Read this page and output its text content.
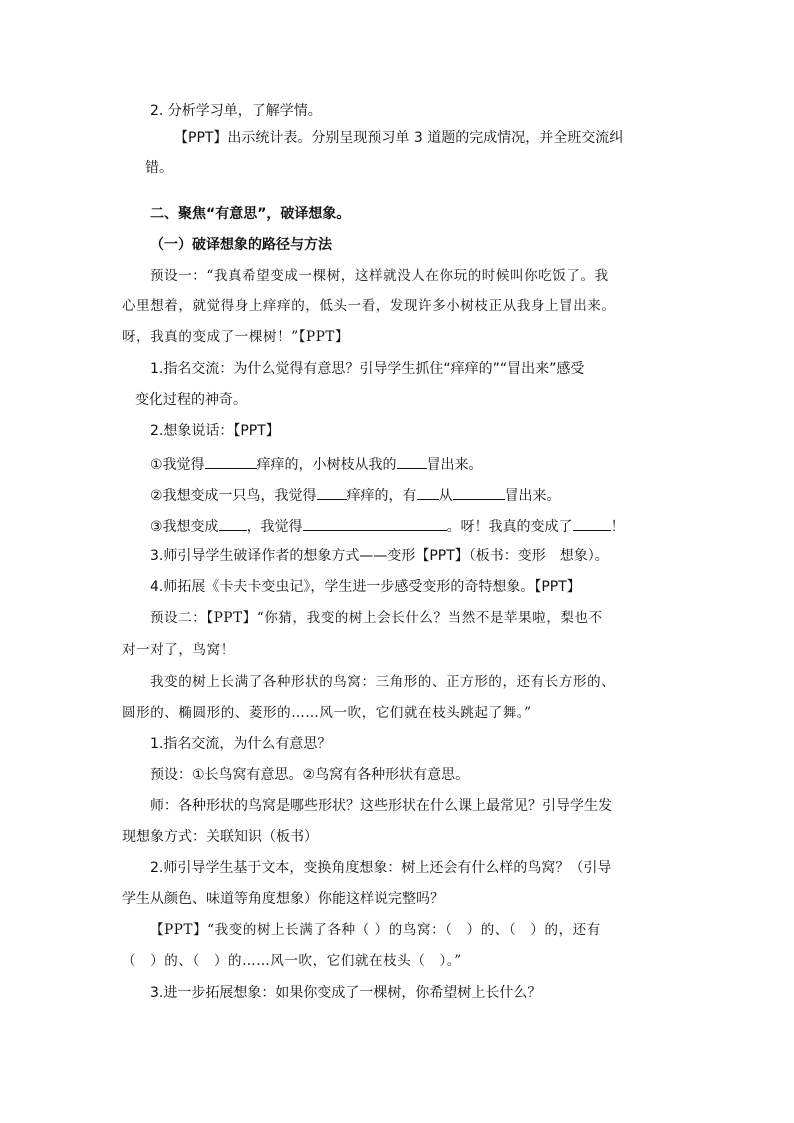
2. 分析学习单，了解学情。
【PPT】出示统计表。分别呈现预习单 3 道题的完成情况，并全班交流纠
错。
二、聚焦“有意思”，破译想象。
（一）破译想象的路径与方法
预设一：“我真希望变成一棵树，这样就没人在你玩的时候叫你吃饭了。我
心里想着，就觉得身上痒痒的，低头一看，发现许多小树枝正从我身上冒出来。
呀，我真的变成了一棵树！”【PPT】
1.指名交流：为什么觉得有意思？引导学生抓住“痒痒的”“冒出来”感受
变化过程的神奇。
2.想象说话：【PPT】
①我觉得	痒痒的，小树枝从我的 冒出来。
②我想变成一只鸟，我觉得 痒痒的，有 从	冒出来。
③我想变成 ，我觉得	。呀！我真的变成了	！
3.师引导学生破译作者的想象方式——变形【PPT】（板书：变形　想象）。
4.师拓展《卡夫卡变虫记》，学生进一步感受变形的奇特想象。【PPT】
预设二：【PPT】“你猜，我变的树上会长什么？当然不是苹果啦，梨也不
对一对了，鸟窝！
我变的树上长满了各种形状的鸟窝：三角形的、正方形的，还有长方形的、
圆形的、椭圆形的、菱形的……风一吹，它们就在枝头跳起了舞。”
1.指名交流，为什么有意思？
预设：①长鸟窝有意思。②鸟窝有各种形状有意思。
师：各种形状的鸟窝是哪些形状？这些形状在什么课上最常见？引导学生发
现想象方式：关联知识（板书）
2.师引导学生基于文本，变换角度想象：树上还会有什么样的鸟窝？（引导
学生从颜色、味道等角度想象）你能这样说完整吗？
【PPT】“我变的树上长满了各种（ ）的鸟窝：（　）的、（　）的，还有
（　）的、（　）的……风一吹，它们就在枝头（　）。”
3.进一步拓展想象：如果你变成了一棵树，你希望树上长什么？
